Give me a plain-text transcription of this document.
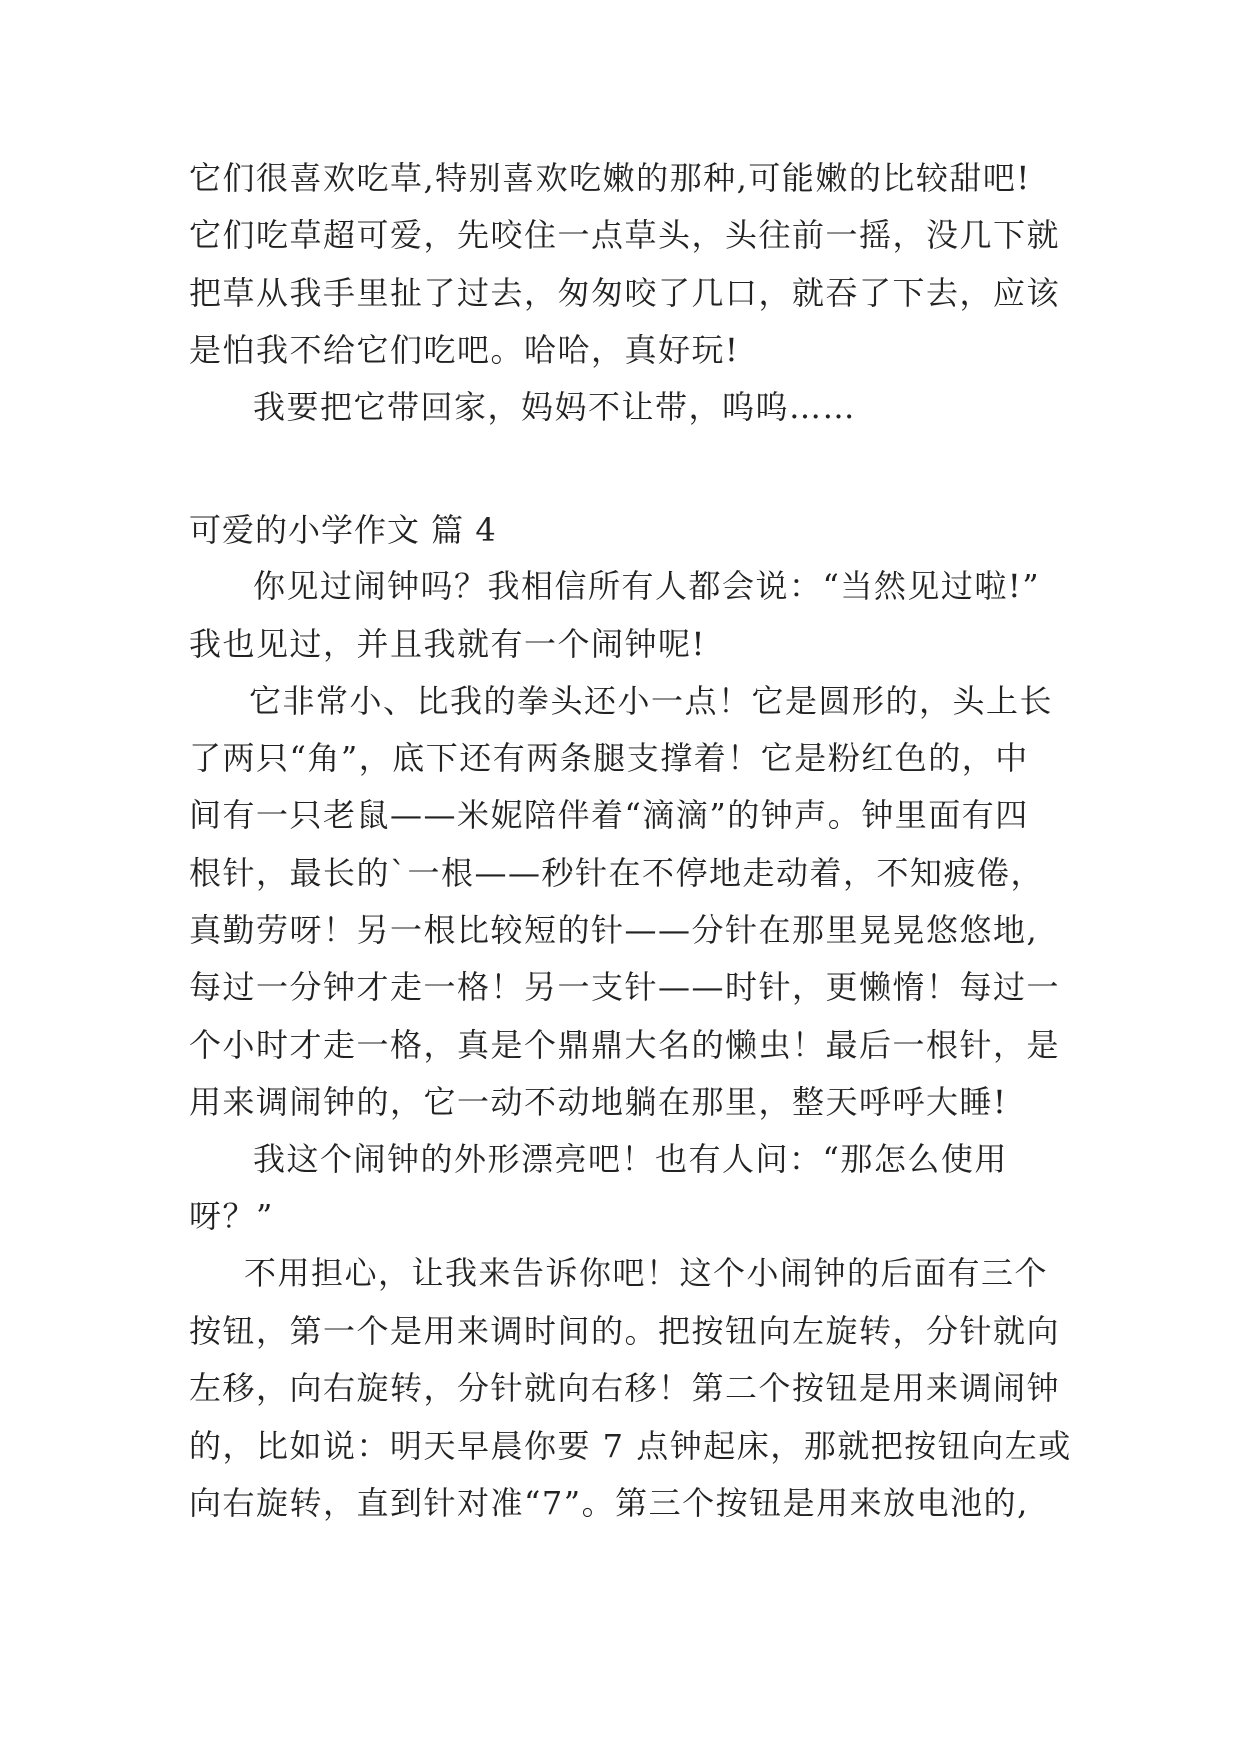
它们很喜欢吃草,特别喜欢吃嫩的那种,可能嫩的比较甜吧!
它们吃草超可爱，先咬住一点草头，头往前一摇，没几下就
把草从我手里扯了过去，匆匆咬了几口，就吞了下去，应该
是怕我不给它们吃吧。哈哈，真好玩!
我要把它带回家，妈妈不让带，呜呜……
可爱的小学作文 篇 4
你见过闹钟吗？我相信所有人都会说：“当然见过啦!”
我也见过，并且我就有一个闹钟呢!
它非常小、比我的拳头还小一点！它是圆形的，头上长
了两只“角”，底下还有两条腿支撑着！它是粉红色的，中
间有一只老鼠——米妮陪伴着“滴滴”的钟声。钟里面有四
根针，最长的`一根——秒针在不停地走动着，不知疲倦，
真勤劳呀！另一根比较短的针——分针在那里晃晃悠悠地,
每过一分钟才走一格！另一支针——时针，更懒惰！每过一
个小时才走一格，真是个鼎鼎大名的懒虫！最后一根针，是
用来调闹钟的，它一动不动地躺在那里，整天呼呼大睡!
我这个闹钟的外形漂亮吧！也有人问：“那怎么使用
呀？”
不用担心，让我来告诉你吧！这个小闹钟的后面有三个
按钮，第一个是用来调时间的。把按钮向左旋转，分针就向
左移，向右旋转，分针就向右移！第二个按钮是用来调闹钟
的，比如说：明天早晨你要 7 点钟起床，那就把按钮向左或
向右旋转，直到针对准“7”。第三个按钮是用来放电池的,
